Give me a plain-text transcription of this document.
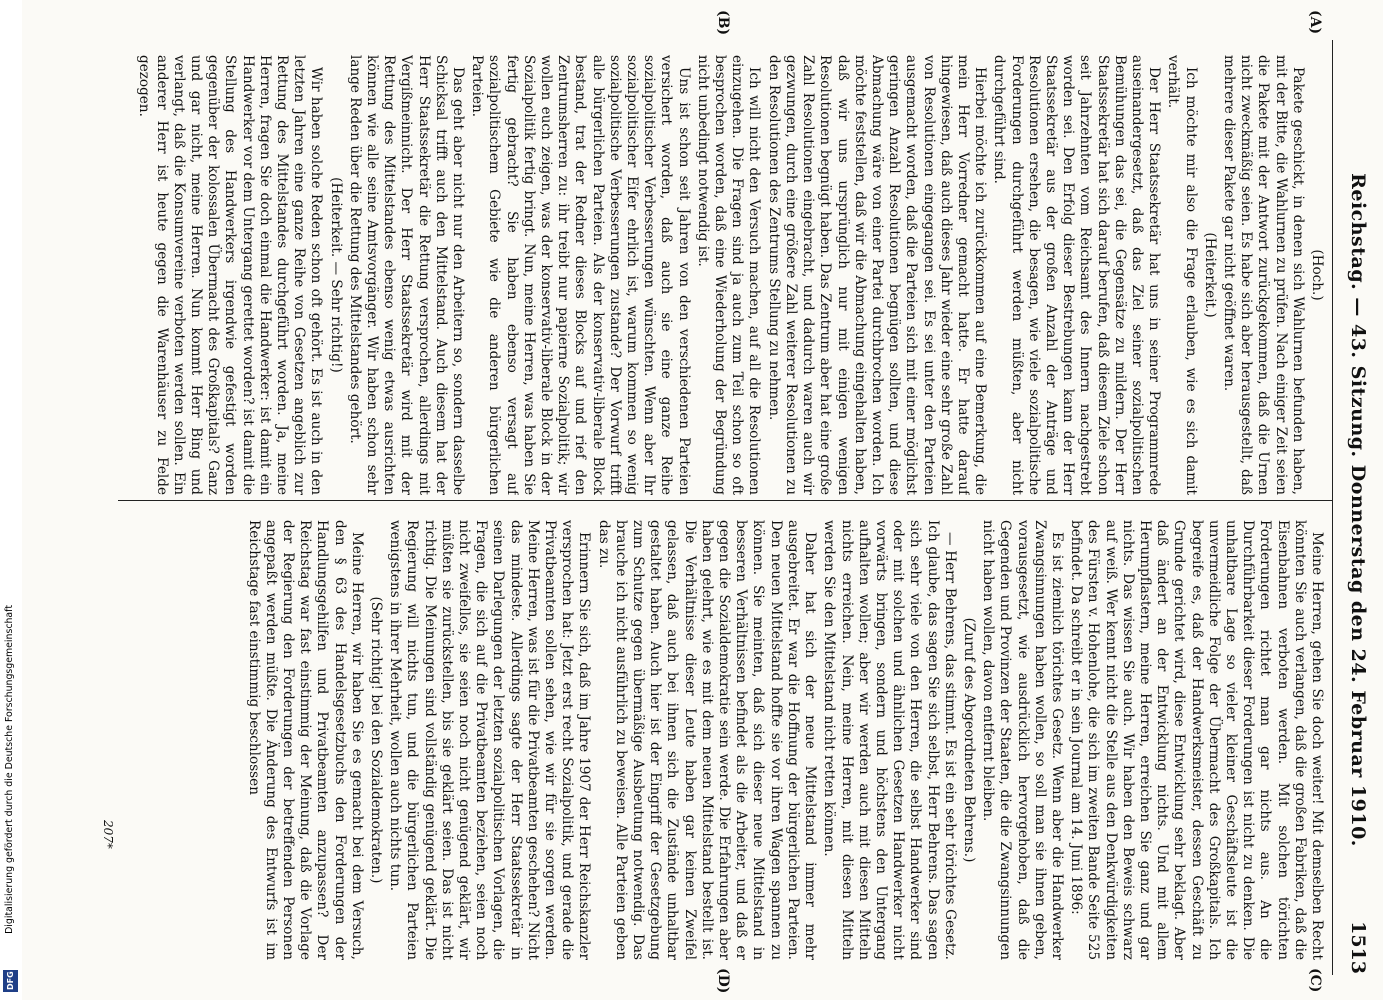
Reichstag. — 43. Sitzung. Donnerstag den 24. Februar 1910.
1513
(A)
(B)
(C)
(D)

(Hoch.)

Pakete geschickt, in denen sich Wahlurnen befunden haben, mit der Bitte, die Wahlurnen zu prüfen. Nach einiger Zeit seien die Pakete mit der Antwort zurückgekommen, daß die Urnen nicht zweckmäßig seien. Es habe sich aber herausgestellt, daß mehrere dieser Pakete gar nicht geöffnet waren.

(Heiterkeit.)

Ich möchte mir also die Frage erlauben, wie es sich damit verhält.

Der Herr Staatssekretär hat uns in seiner Programmrede auseinandergesetzt, daß das Ziel seiner sozialpolitischen Bemühungen das sei, die Gegensätze zu mildern. Der Herr Staatssekretär hat sich darauf berufen, daß diesem Ziele schon seit Jahrzehnten vom Reichsamt des Innern nachgestrebt worden sei. Den Erfolg dieser Bestrebungen kann der Herr Staatssekretär aus der großen Anzahl der Anträge und Resolutionen ersehen, die besagen, wie viele sozialpolitische Forderungen durchgeführt werden müßten, aber nicht durchgeführt sind.

Hierbei möchte ich zurückkommen auf eine Bemerkung, die mein Herr Vorredner gemacht hatte. Er hatte darauf hingewiesen, daß auch dieses Jahr wieder eine sehr große Zahl von Resolutionen eingegangen sei. Es sei unter den Parteien ausgemacht worden, daß die Parteien sich mit einer möglichst geringen Anzahl Resolutionen begnügen sollten, und diese Abmachung wäre von einer Partei durchbrochen worden. Ich möchte feststellen, daß wir die Abmachung eingehalten haben, daß wir uns ursprünglich nur mit einigen wenigen Resolutionen begnügt haben. Das Zentrum aber hat eine große Zahl Resolutionen eingebracht, und dadurch waren auch wir gezwungen, durch eine größere Zahl weiterer Resolutionen zu den Resolutionen des Zentrums Stellung zu nehmen.

Ich will nicht den Versuch machen, auf all die Resolutionen einzugehen. Die Fragen sind ja auch zum Teil schon so oft besprochen worden, daß eine Wiederholung der Begründung nicht unbedingt notwendig ist.

Uns ist schon seit Jahren von den verschiedenen Parteien versichert worden, daß auch sie eine ganze Reihe sozialpolitischer Verbesserungen wünschten. Wenn aber Ihr sozialpolitischer Eifer ehrlich ist, warum kommen so wenig sozialpolitische Verbesserungen zustande? Der Vorwurf trifft alle bürgerlichen Parteien. Als der konservativ-liberale Block bestand, trat der Redner dieses Blocks auf und rief den Zentrumsherren zu: ihr treibt nur papierne Sozialpolitik; wir wollen euch zeigen, was der konservativ-liberale Block in der Sozialpolitik fertig bringt. Nun, meine Herren, was haben Sie fertig gebracht? Sie haben ebenso versagt auf sozialpolitischem Gebiete wie die anderen bürgerlichen Parteien.

Das geht aber nicht nur den Arbeitern so, sondern dasselbe Schicksal trifft auch den Mittelstand. Auch diesem hat der Herr Staatssekretär die Rettung versprochen, allerdings mit Vergißmeinnicht. Der Herr Staatssekretär wird mit der Rettung des Mittelstandes ebenso wenig etwas ausrichten können wie alle seine Amtsvorgänger. Wir haben schon sehr lange Reden über die Rettung des Mittelstandes gehört.

(Heiterkeit. — Sehr richtig!)

Wir haben solche Reden schon oft gehört. Es ist auch in den letzten Jahren eine ganze Reihe von Gesetzen angeblich zur Rettung des Mittelstandes durchgeführt worden. Ja, meine Herren, fragen Sie doch einmal die Handwerker: ist damit ein Handwerker vor dem Untergang gerettet worden? ist damit die Stellung des Handwerkers irgendwie gefestigt worden gegenüber der kolossalen Übermacht des Großkapitals? Ganz und gar nicht, meine Herren. Nun kommt Herr Bing und verlangt, daß die Konsumvereine verboten werden sollen. Ein anderer Herr ist heute gegen die Warenhäuser zu Felde gezogen.

Meine Herren, gehen Sie doch weiter! Mit demselben Recht könnten Sie auch verlangen, daß die großen Fabriken, daß die Eisenbahnen verboten werden. Mit solchen törichten Forderungen richtet man gar nichts aus. An die Durchführbarkeit dieser Forderungen ist nicht zu denken. Die unhaltbare Lage so vieler kleiner Geschäftsleute ist die unvermeidliche Folge der Übermacht des Großkapitals. Ich begreife es, daß der Handwerksmeister, dessen Geschäft zu Grunde gerichtet wird, diese Entwicklung sehr beklagt. Aber daß ändert an der Entwicklung nichts. Und mit allem Herumpflastern, meine Herren, erreichen Sie ganz und gar nichts. Das wissen Sie auch. Wir haben den Beweis schwarz auf weiß. Wer kennt nicht die Stelle aus den Denkwürdigkeiten des Fürsten v. Hohenlohe, die sich im zweiten Bande Seite 525 befindet. Da schreibt er in sein Journal am 14. Juni 1896:

Es ist ziemlich törichtes Gesetz. Wenn aber die Handwerker Zwangsinnungen haben wollen, so soll man sie ihnen geben, vorausgesetzt, wie ausdrücklich hervorgehoben, daß die Gegenden und Provinzen der Staaten, die die Zwangsinnungen nicht haben wollen, davon entfernt bleiben.

(Zuruf des Abgeordneten Behrens.)

— Herr Behrens, das stimmt. Es ist ein sehr törichtes Gesetz. Ich glaube, das sagen Sie sich selbst, Herr Behrens. Das sagen sich sehr viele von den Herren, die selbst Handwerker sind oder mit solchen und ähnlichen Gesetzen Handwerker nicht vorwärts bringen, sondern und höchstens den Untergang aufhalten wollen; aber wir werden auch mit diesen Mitteln nichts erreichen. Nein, meine Herren, mit diesen Mitteln werden Sie den Mittelstand nicht retten können.

Daher hat sich der neue Mittelstand immer mehr ausgebreitet. Er war die Hoffnung der bürgerlichen Parteien. Den neuen Mittelstand hoffte sie vor ihren Wagen spannen zu können. Sie meinten, daß sich dieser neue Mittelstand in besseren Verhältnissen befindet als die Arbeiter, und daß er gegen die Sozialdemokratie sein werde. Die Erfahrungen aber haben gelehrt, wie es mit dem neuen Mittelstand bestellt ist. Die Verhältnisse dieser Leute haben gar keinen Zweifel gelassen, daß auch bei ihnen sich die Zustände unhaltbar gestaltet haben. Auch hier ist der Eingriff der Gesetzgebung zum Schutze gegen übermäßige Ausbeutung notwendig. Das brauche ich nicht ausführlich zu beweisen. Alle Parteien geben das zu.

Erinnern Sie sich, daß im Jahre 1907 der Herr Reichskanzler versprochen hat: Jetzt erst recht Sozialpolitik, und gerade die Privatbeamten sollen sehen, wie wir für sie sorgen werden. Meine Herren, was ist für die Privatbeamten geschehen? Nicht das mindeste. Allerdings sagte der Herr Staatssekretär in seinen Darlegungen der letzten sozialpolitischen Vorlagen, die Fragen, die sich auf die Privatbeamten beziehen, seien noch nicht zweifellos, sie seien noch nicht genügend geklärt, wir müßten sie zurückstellen, bis sie geklärt seien. Das ist nicht richtig. Die Meinungen sind vollständig genügend geklärt. Die Regierung will nichts tun, und die bürgerlichen Parteien wenigstens in ihrer Mehrheit, wollen auch nichts tun.

(Sehr richtig! bei den Sozialdemokraten.)

Meine Herren, wir haben Sie es gemacht bei dem Versuch, den § 63 des Handelsgesetzbuchs den Forderungen der Handlungsgehilfen und Privatbeamten anzupassen? Der Reichstag war fast einstimmig der Meinung, daß die Vorlage der Regierung den Forderungen der betreffenden Personen angepaßt werden müßte. Die Änderung des Entwurfs ist im Reichstage fast einstimmig beschlossen

207*
Digitalisierung gefördert durch die Deutsche Forschungsgemeinschaft
DFG
